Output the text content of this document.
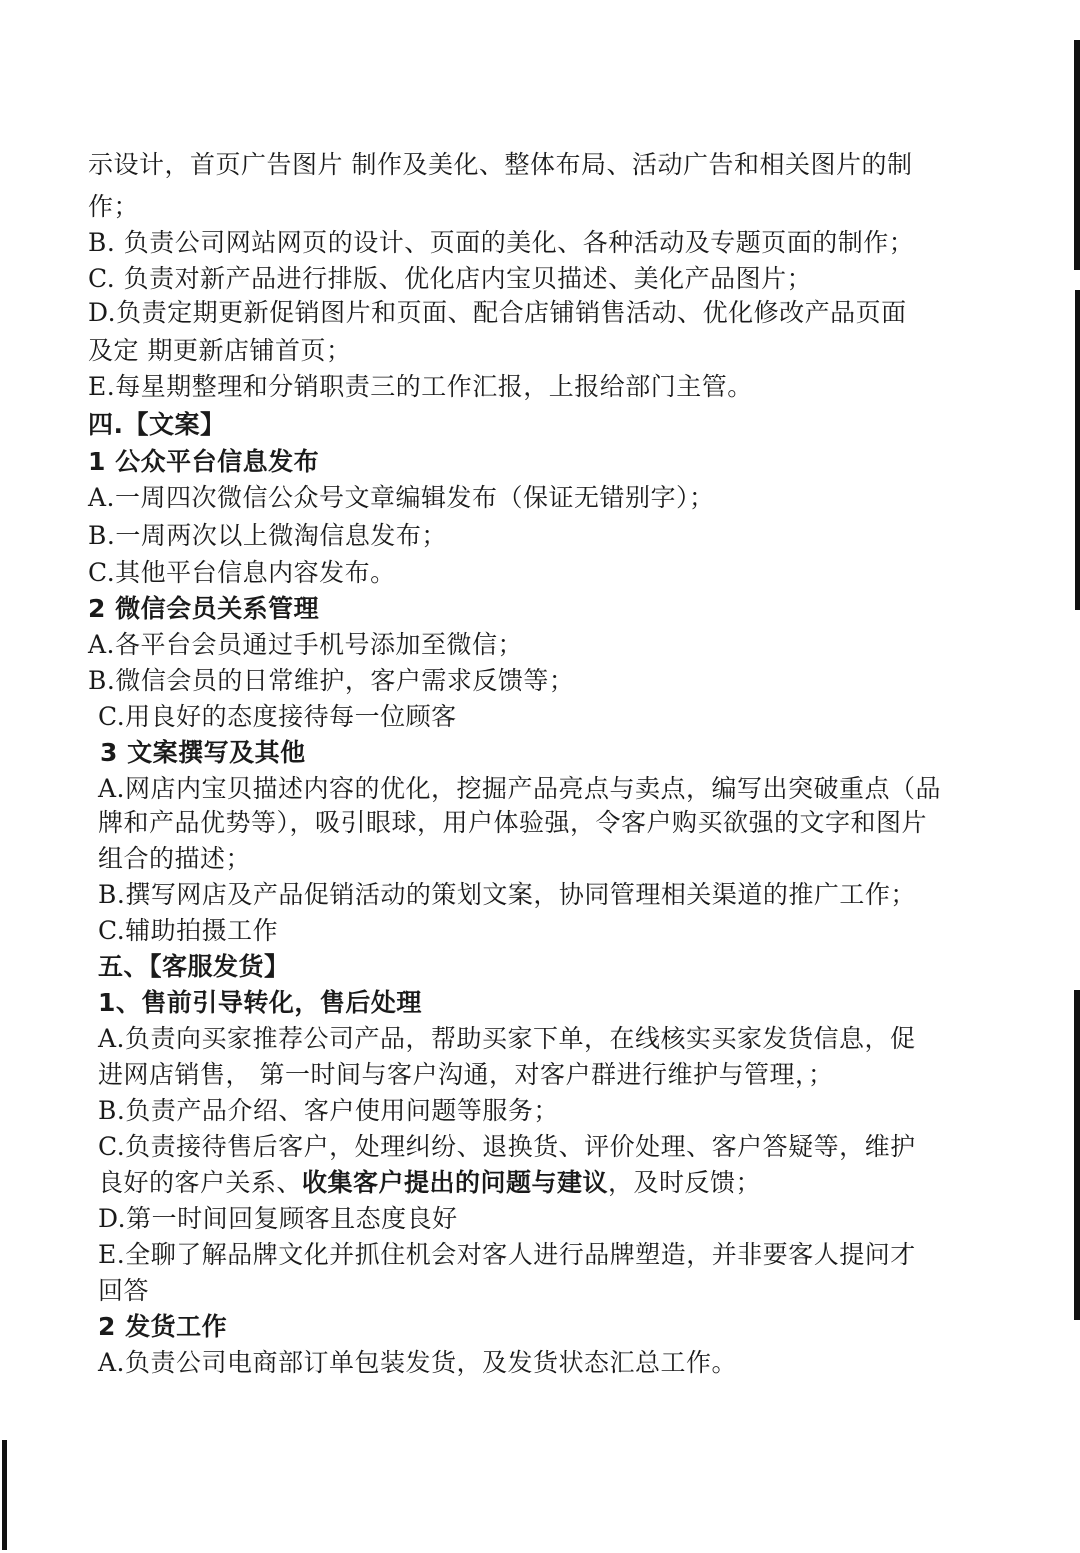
示设计，首页广告图片 制作及美化、整体布局、活动广告和相关图片的制
作；
B. 负责公司网站网页的设计、页面的美化、各种活动及专题页面的制作；
C. 负责对新产品进行排版、优化店内宝贝描述、美化产品图片；
D.负责定期更新促销图片和页面、配合店铺销售活动、优化修改产品页面
及定 期更新店铺首页；
E.每星期整理和分销职责三的工作汇报，上报给部门主管。
四.【文案】
1 公众平台信息发布
A.一周四次微信公众号文章编辑发布（保证无错别字）；
B.一周两次以上微淘信息发布；
C.其他平台信息内容发布。
2 微信会员关系管理
A.各平台会员通过手机号添加至微信；
B.微信会员的日常维护，客户需求反馈等；
C.用良好的态度接待每一位顾客
3 文案撰写及其他
A.网店内宝贝描述内容的优化，挖掘产品亮点与卖点，编写出突破重点（品
牌和产品优势等），吸引眼球，用户体验强，令客户购买欲强的文字和图片
组合的描述；
B.撰写网店及产品促销活动的策划文案，协同管理相关渠道的推广工作；
C.辅助拍摄工作
五、【客服发货】
1、售前引导转化，售后处理
A.负责向买家推荐公司产品，帮助买家下单，在线核实买家发货信息，促
进网店销售， 第一时间与客户沟通，对客户群进行维护与管理，；
B.负责产品介绍、客户使用问题等服务；
C.负责接待售后客户，处理纠纷、退换货、评价处理、客户答疑等，维护
良好的客户关系、收集客户提出的问题与建议，及时反馈；
D.第一时间回复顾客且态度良好
E.全聊了解品牌文化并抓住机会对客人进行品牌塑造，并非要客人提问才
回答
2 发货工作
A.负责公司电商部订单包装发货，及发货状态汇总工作。
